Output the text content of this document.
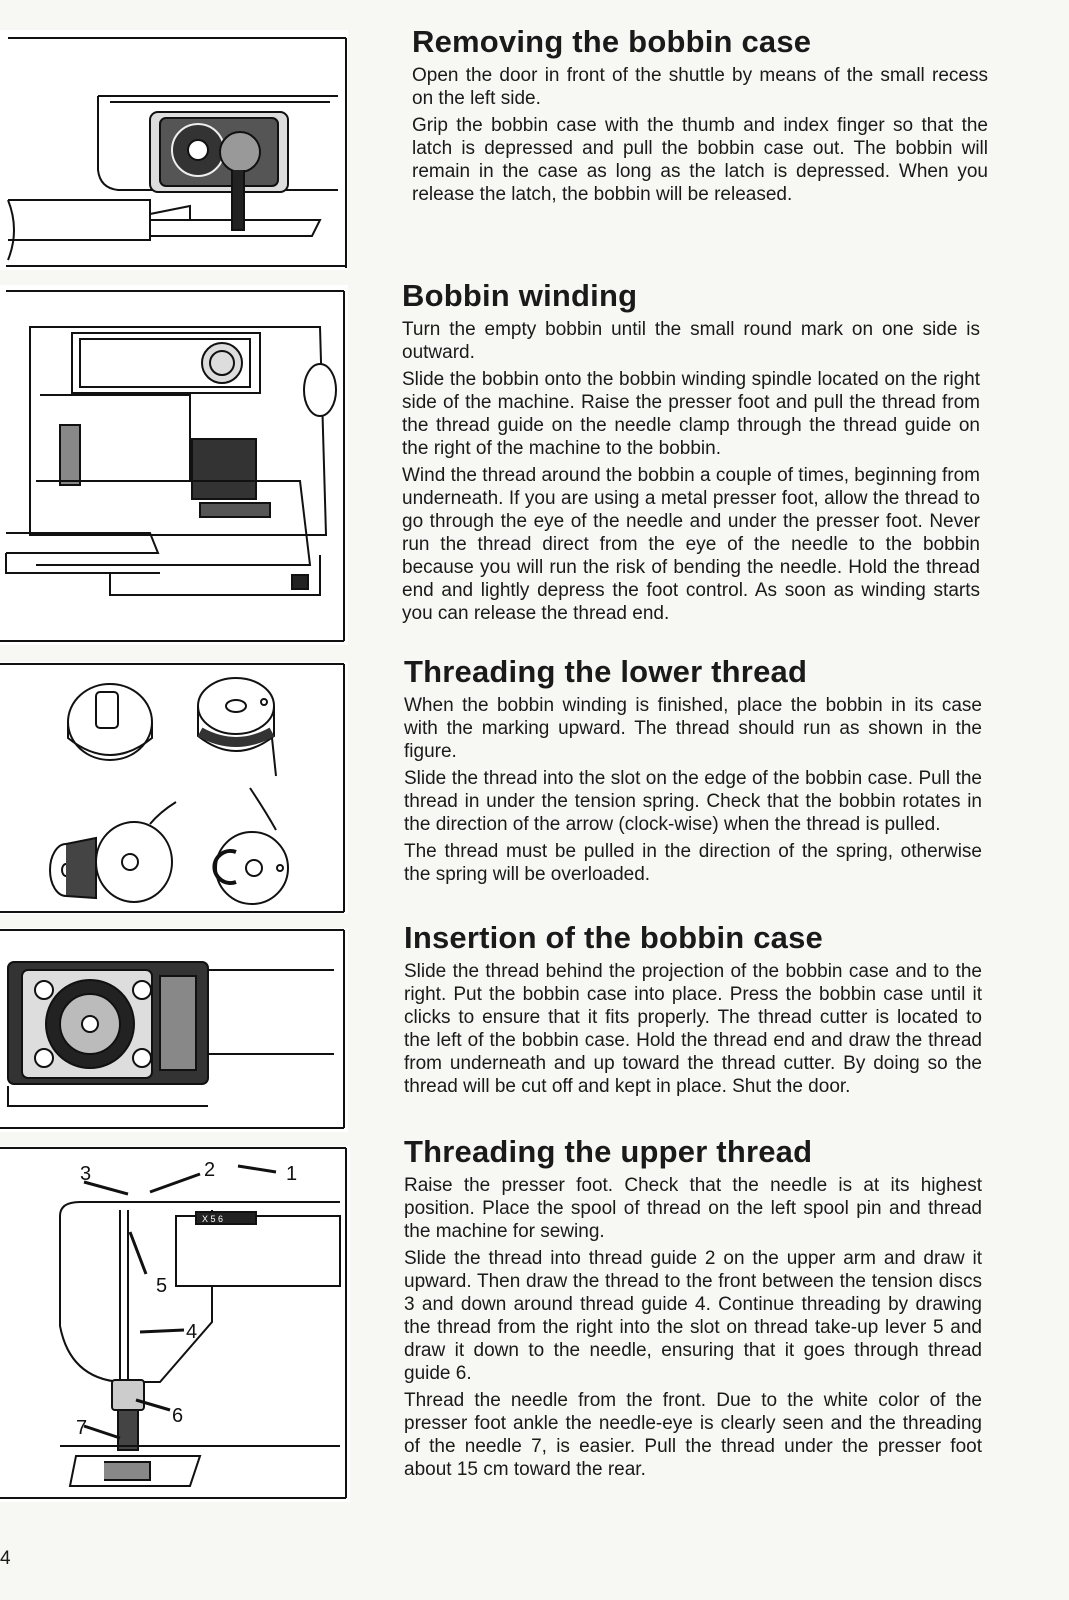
3	2	1
5
4
6
7
X 5 6
Removing the bobbin case

Open the door in front of the shuttle by means of the small recess on the left side.

Grip the bobbin case with the thumb and index finger so that the latch is depressed and pull the bobbin case out. The bobbin will remain in the case as long as the latch is depressed. When you release the latch, the bobbin will be released.

Bobbin winding

Turn the empty bobbin until the small round mark on one side is outward.

Slide the bobbin onto the bobbin winding spindle located on the right side of the machine. Raise the presser foot and pull the thread from the thread guide on the needle clamp through the thread guide on the right of the machine to the bobbin.

Wind the thread around the bobbin a couple of times, beginning from underneath. If you are using a metal presser foot, allow the thread to go through the eye of the needle and under the presser foot. Never run the thread direct from the eye of the needle to the bobbin because you will run the risk of bending the needle. Hold the thread end and lightly depress the foot control. As soon as winding starts you can release the thread end.

Threading the lower thread

When the bobbin winding is finished, place the bobbin in its case with the marking upward. The thread should run as shown in the figure.

Slide the thread into the slot on the edge of the bobbin case. Pull the thread in under the tension spring. Check that the bobbin rotates in the direction of the arrow (clock-wise) when the thread is pulled.

The thread must be pulled in the direction of the spring, otherwise the spring will be overloaded.

Insertion of the bobbin case

Slide the thread behind the projection of the bobbin case and to the right. Put the bobbin case into place. Press the bobbin case until it clicks to ensure that it fits properly. The thread cutter is located to the left of the bobbin case. Hold the thread end and draw the thread from underneath and up toward the thread cutter. By doing so the thread will be cut off and kept in place. Shut the door.

Threading the upper thread

Raise the presser foot. Check that the needle is at its highest position. Place the spool of thread on the left spool pin and thread the machine for sewing.

Slide the thread into thread guide 2 on the upper arm and draw it upward. Then draw the thread to the front between the tension discs 3 and down around thread guide 4. Continue threading by drawing the thread from the right into the slot on thread take-up lever 5 and draw it down to the needle, ensuring that it goes through thread guide 6.

Thread the needle from the front. Due to the white color of the presser foot ankle the needle-eye is clearly seen and the threading of the needle 7, is easier. Pull the thread under the presser foot about 15 cm toward the rear.

4
